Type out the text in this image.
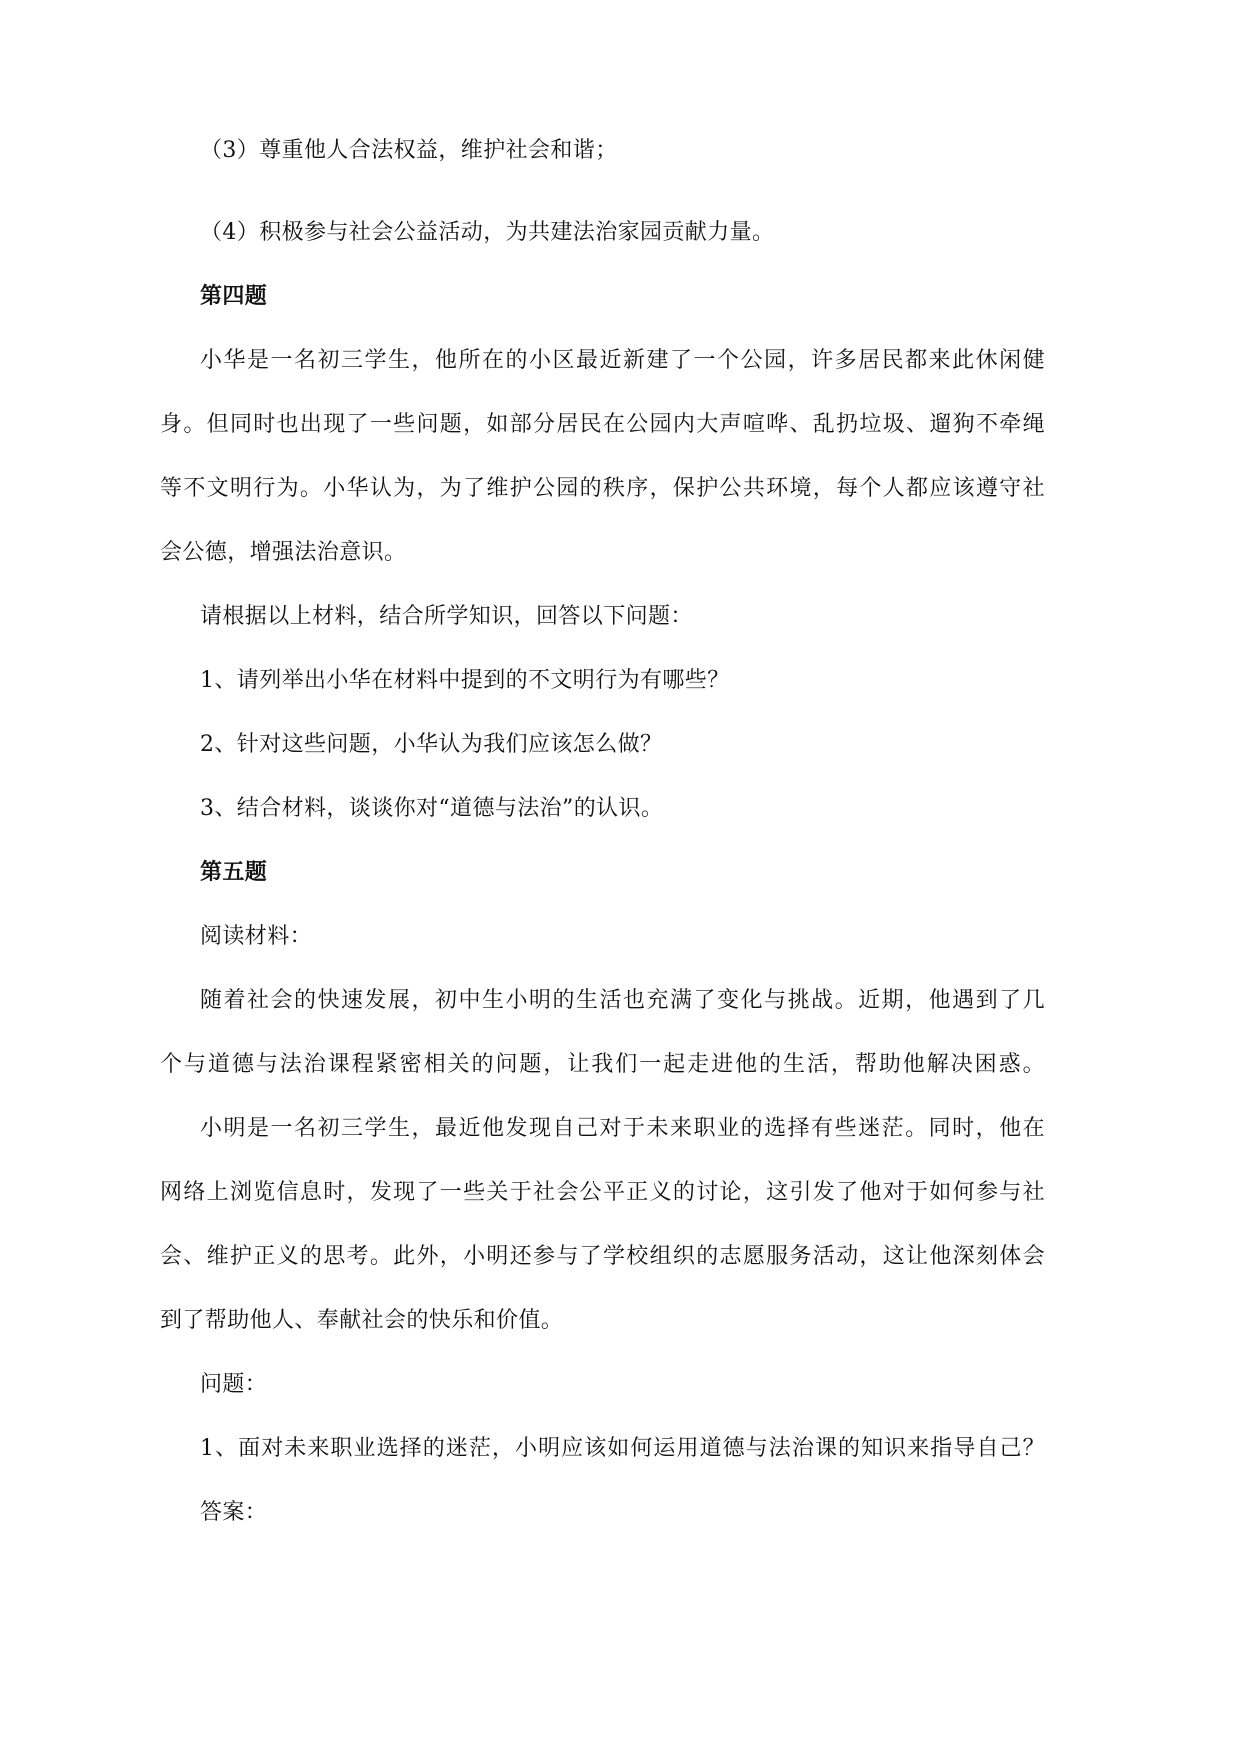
（3）尊重他人合法权益，维护社会和谐；
（4）积极参与社会公益活动，为共建法治家园贡献力量。
第四题
小华是一名初三学生，他所在的小区最近新建了一个公园，许多居民都来此休闲健
身。但同时也出现了一些问题，如部分居民在公园内大声喧哗、乱扔垃圾、遛狗不牵绳
等不文明行为。小华认为，为了维护公园的秩序，保护公共环境，每个人都应该遵守社
会公德，增强法治意识。
请根据以上材料，结合所学知识，回答以下问题：
1、请列举出小华在材料中提到的不文明行为有哪些？
2、针对这些问题，小华认为我们应该怎么做？
3、结合材料，谈谈你对“道德与法治”的认识。
第五题
阅读材料：
随着社会的快速发展，初中生小明的生活也充满了变化与挑战。近期，他遇到了几
个与道德与法治课程紧密相关的问题，让我们一起走进他的生活，帮助他解决困惑。
小明是一名初三学生，最近他发现自己对于未来职业的选择有些迷茫。同时，他在
网络上浏览信息时，发现了一些关于社会公平正义的讨论，这引发了他对于如何参与社
会、维护正义的思考。此外，小明还参与了学校组织的志愿服务活动，这让他深刻体会
到了帮助他人、奉献社会的快乐和价值。
问题：
1、面对未来职业选择的迷茫，小明应该如何运用道德与法治课的知识来指导自己？
答案：
